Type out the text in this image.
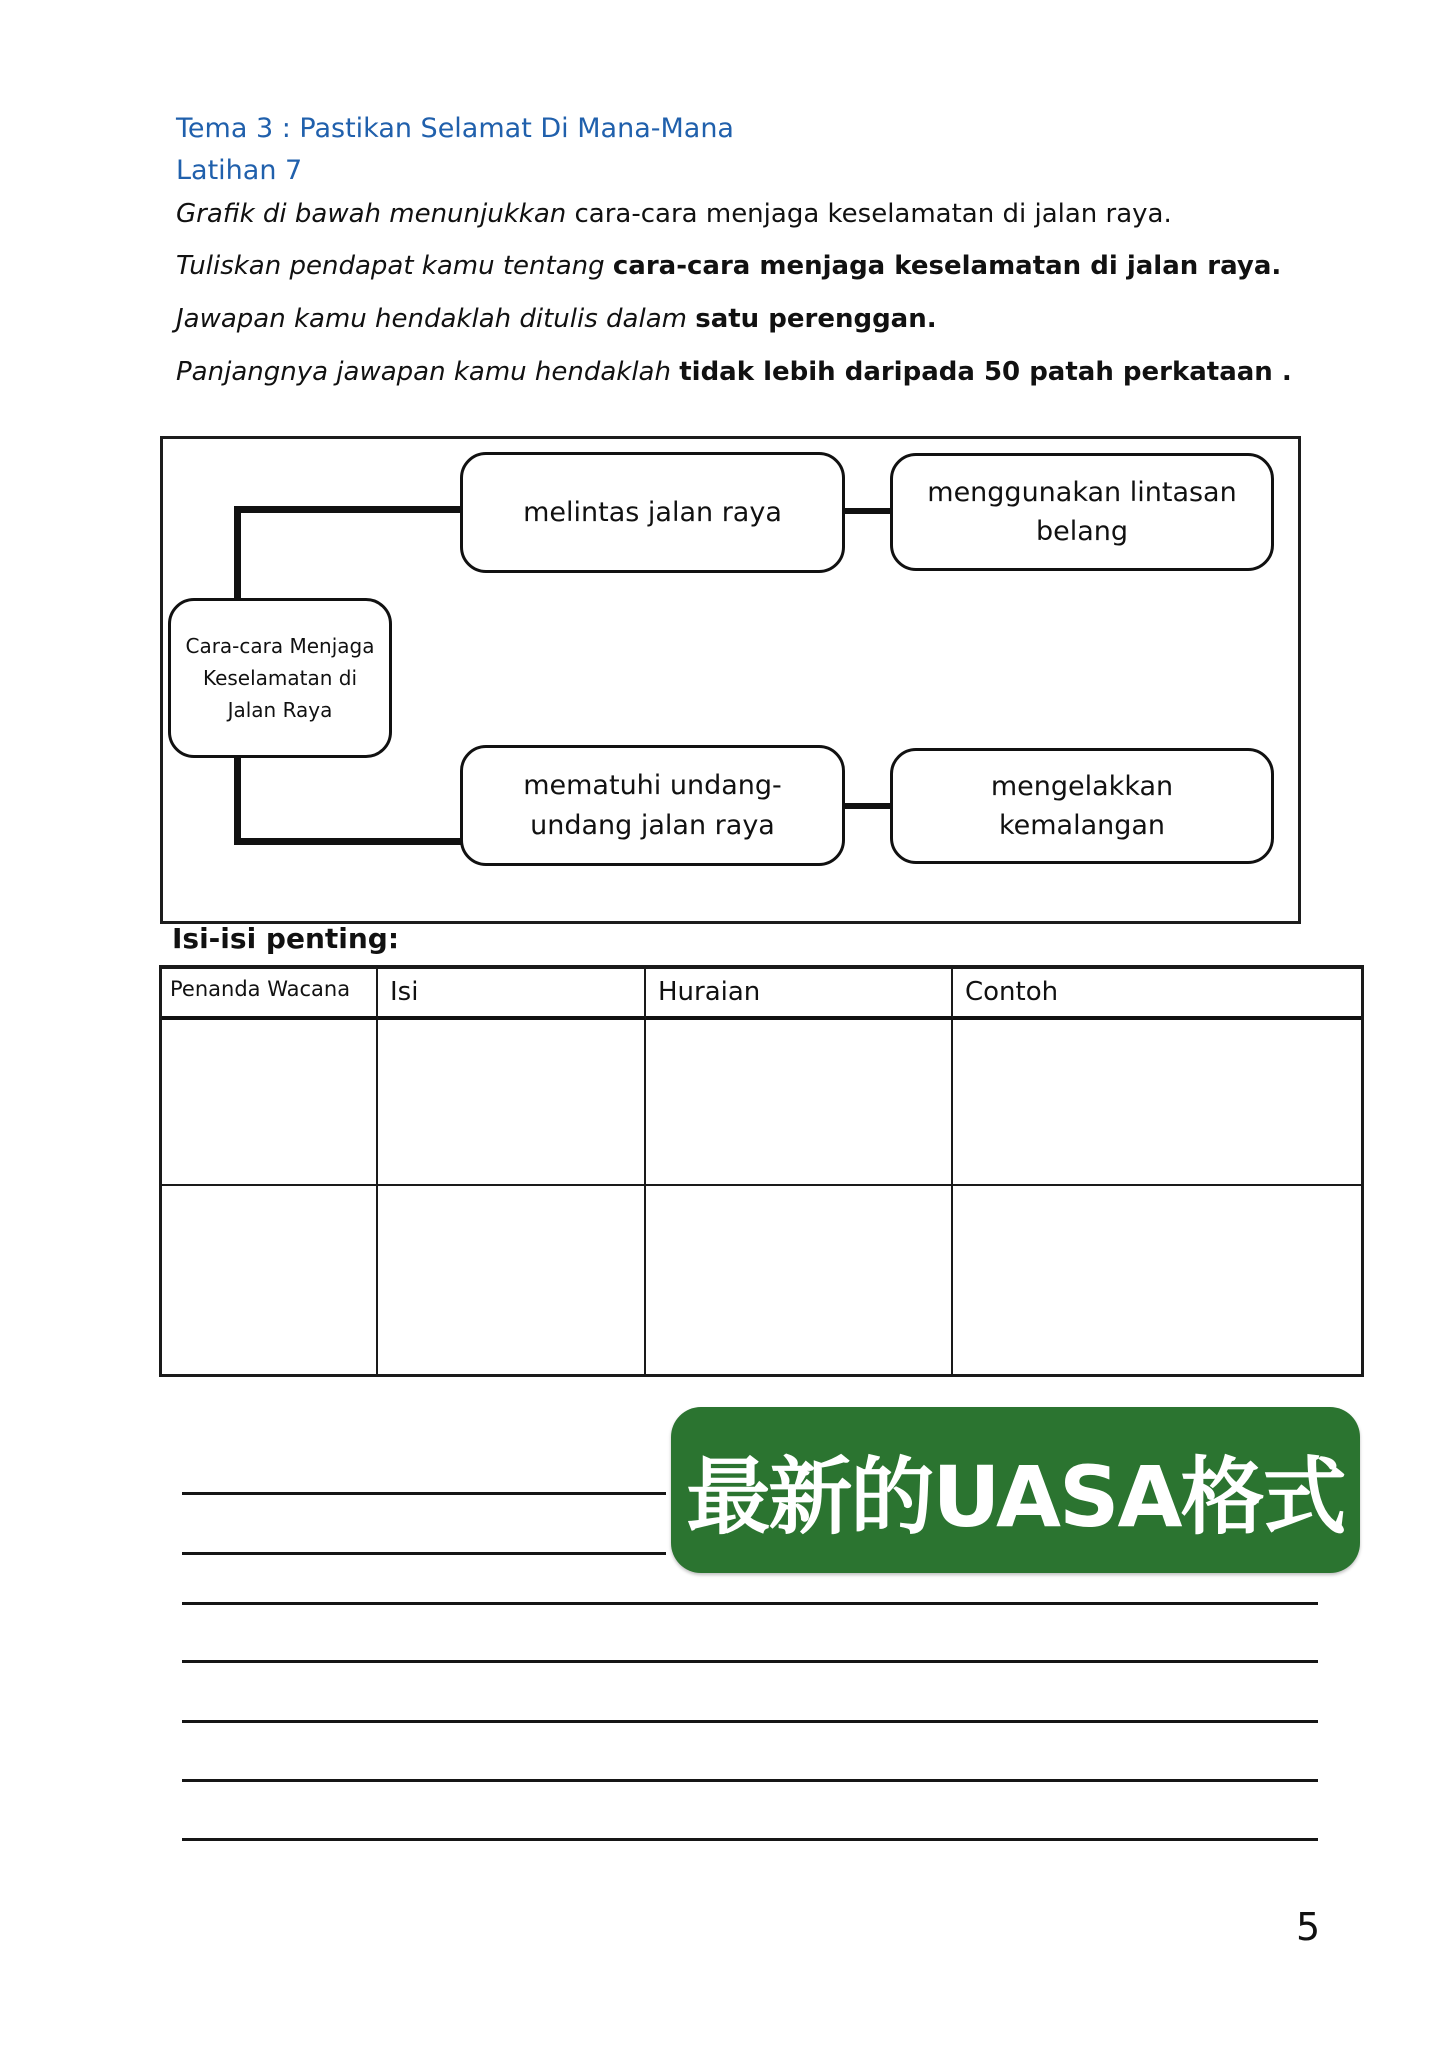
Tema 3 : Pastikan Selamat Di Mana-Mana
Latihan 7
Grafik di bawah menunjukkan cara-cara menjaga keselamatan di jalan raya.
Tuliskan pendapat kamu tentang cara-cara menjaga keselamatan di jalan raya.
Jawapan kamu hendaklah ditulis dalam satu perenggan.
Panjangnya jawapan kamu hendaklah tidak lebih daripada 50 patah perkataan .
Cara-cara Menjaga Keselamatan di Jalan Raya
melintas jalan raya
menggunakan lintasan belang
mematuhi undang-undang jalan raya
mengelakkan kemalangan
Isi-isi penting:
Penanda Wacana	Isi	Huraian	Contoh
最新的UASA格式
5
